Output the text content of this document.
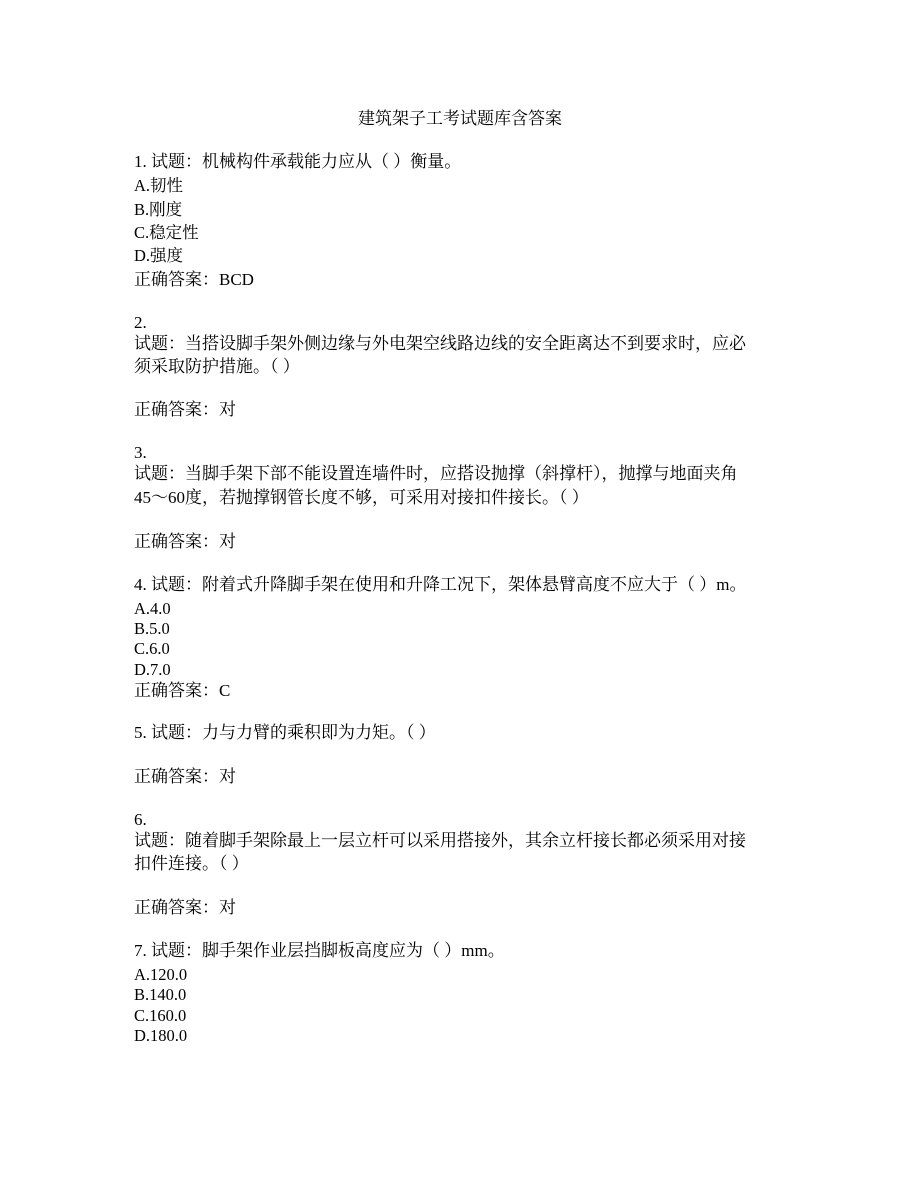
建筑架子工考试题库含答案
1. 试题：机械构件承载能力应从（ ）衡量。
A.韧性
B.刚度
C.稳定性
D.强度
正确答案：BCD
2.
试题：当搭设脚手架外侧边缘与外电架空线路边线的安全距离达不到要求时，应必
须采取防护措施。（ ）
正确答案：对
3.
试题：当脚手架下部不能设置连墙件时，应搭设抛撑（斜撑杆），抛撑与地面夹角
45～60度，若抛撑钢管长度不够，可采用对接扣件接长。（ ）
正确答案：对
4. 试题：附着式升降脚手架在使用和升降工况下，架体悬臂高度不应大于（ ）m。
A.4.0
B.5.0
C.6.0
D.7.0
正确答案：C
5. 试题：力与力臂的乘积即为力矩。（ ）
正确答案：对
6.
试题：随着脚手架除最上一层立杆可以采用搭接外，其余立杆接长都必须采用对接
扣件连接。（ ）
正确答案：对
7. 试题：脚手架作业层挡脚板高度应为（ ）mm。
A.120.0
B.140.0
C.160.0
D.180.0
